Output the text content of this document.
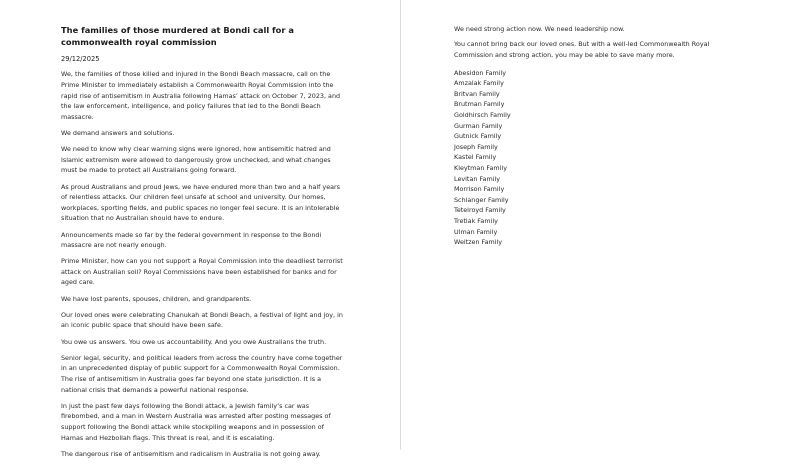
The families of those murdered at Bondi call for a commonwealth royal commission
29/12/2025

We, the families of those killed and injured in the Bondi Beach massacre, call on the Prime Minister to immediately establish a Commonwealth Royal Commission into the rapid rise of antisemitism in Australia following Hamas’ attack on October 7, 2023, and the law enforcement, intelligence, and policy failures that led to the Bondi Beach massacre.

We demand answers and solutions.

We need to know why clear warning signs were ignored, how antisemitic hatred and Islamic extremism were allowed to dangerously grow unchecked, and what changes must be made to protect all Australians going forward.

As proud Australians and proud Jews, we have endured more than two and a half years of relentless attacks. Our children feel unsafe at school and university. Our homes, workplaces, sporting fields, and public spaces no longer feel secure. It is an intolerable situation that no Australian should have to endure.

Announcements made so far by the federal government in response to the Bondi massacre are not nearly enough.

Prime Minister, how can you not support a Royal Commission into the deadliest terrorist attack on Australian soil? Royal Commissions have been established for banks and for aged care.

We have lost parents, spouses, children, and grandparents.

Our loved ones were celebrating Chanukah at Bondi Beach, a festival of light and joy, in an iconic public space that should have been safe.

You owe us answers. You owe us accountability. And you owe Australians the truth.

Senior legal, security, and political leaders from across the country have come together in an unprecedented display of public support for a Commonwealth Royal Commission. The rise of antisemitism in Australia goes far beyond one state jurisdiction. It is a national crisis that demands a powerful national response.

In just the past few days following the Bondi attack, a Jewish family’s car was firebombed, and a man in Western Australia was arrested after posting messages of support following the Bondi attack while stockpiling weapons and in possession of Hamas and Hezbollah flags. This threat is real, and it is escalating.

The dangerous rise of antisemitism and radicalism in Australia is not going away.

We need strong action now. We need leadership now.

You cannot bring back our loved ones. But with a well-led Commonwealth Royal Commission and strong action, you may be able to save many more.

Abesidon Family
Amzalak Family
Britvan Family
Brutman Family
Goldhirsch Family
Gurman Family
Gutnick Family
Joseph Family
Kastel Family
Kleytman Family
Levitan Family
Morrison Family
Schlanger Family
Tetelroyd Family
Tretiak Family
Ulman Family
Weitzen Family
